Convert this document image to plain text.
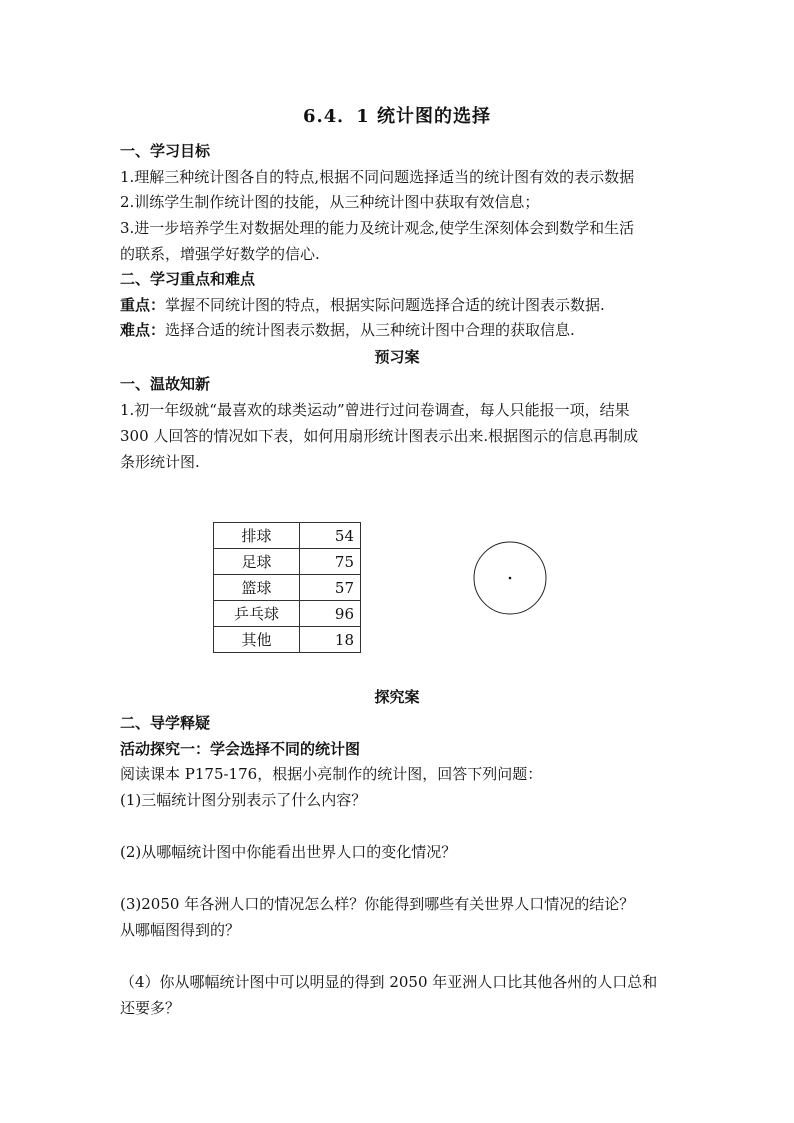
6.4．1 统计图的选择
一、学习目标
1.理解三种统计图各自的特点,根据不同问题选择适当的统计图有效的表示数据
2.训练学生制作统计图的技能，从三种统计图中获取有效信息；
3.进一步培养学生对数据处理的能力及统计观念,使学生深刻体会到数学和生活
的联系，增强学好数学的信心.
二、学习重点和难点
重点：掌握不同统计图的特点，根据实际问题选择合适的统计图表示数据.
难点：选择合适的统计图表示数据，从三种统计图中合理的获取信息.
预习案
一、温故知新
1.初一年级就“最喜欢的球类运动”曾进行过问卷调查，每人只能报一项，结果
300 人回答的情况如下表，如何用扇形统计图表示出来.根据图示的信息再制成
条形统计图.
排球	54
足球	75
篮球	57
乒乓球	96
其他	18
探究案
二、导学释疑
活动探究一：学会选择不同的统计图
阅读课本 P175-176，根据小亮制作的统计图，回答下列问题：
(1)三幅统计图分别表示了什么内容？
(2)从哪幅统计图中你能看出世界人口的变化情况？
(3)2050 年各洲人口的情况怎么样？你能得到哪些有关世界人口情况的结论？
从哪幅图得到的？
（4）你从哪幅统计图中可以明显的得到 2050 年亚洲人口比其他各州的人口总和
还要多？
